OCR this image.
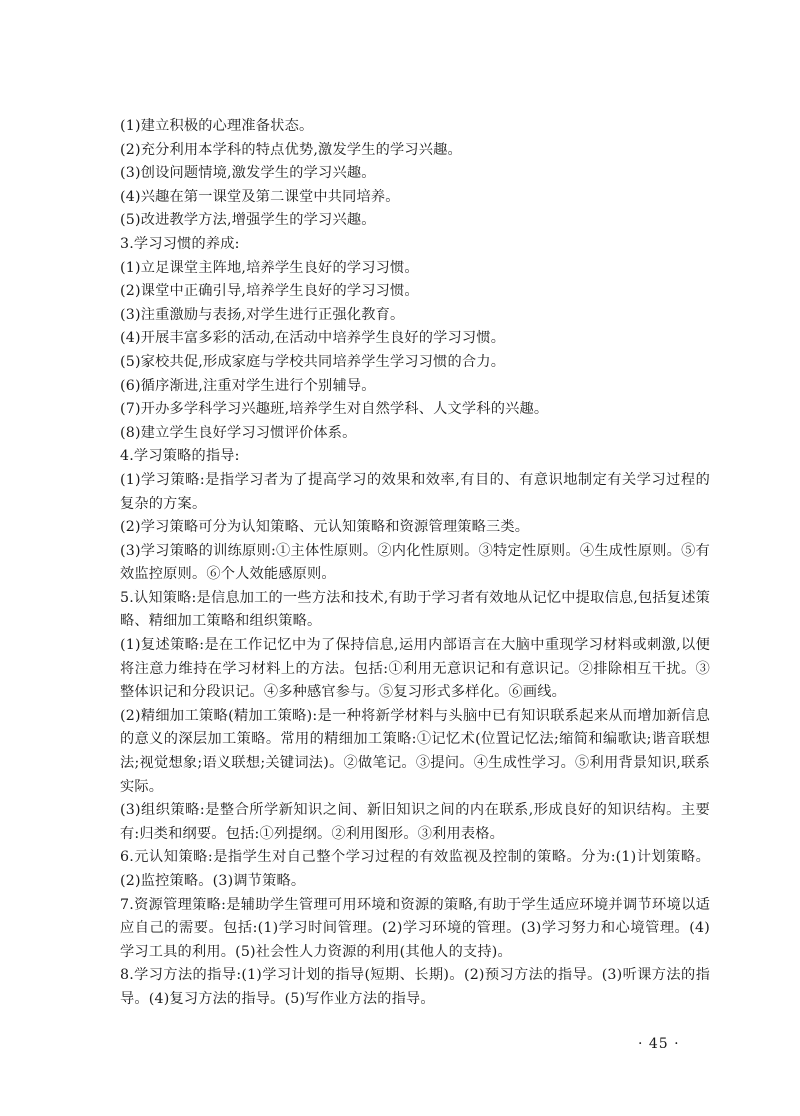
(1)建立积极的心理准备状态。

(2)充分利用本学科的特点优势,激发学生的学习兴趣。

(3)创设问题情境,激发学生的学习兴趣。

(4)兴趣在第一课堂及第二课堂中共同培养。

(5)改进教学方法,增强学生的学习兴趣。

3.学习习惯的养成:

(1)立足课堂主阵地,培养学生良好的学习习惯。

(2)课堂中正确引导,培养学生良好的学习习惯。

(3)注重激励与表扬,对学生进行正强化教育。

(4)开展丰富多彩的活动,在活动中培养学生良好的学习习惯。

(5)家校共促,形成家庭与学校共同培养学生学习习惯的合力。

(6)循序渐进,注重对学生进行个别辅导。

(7)开办多学科学习兴趣班,培养学生对自然学科、人文学科的兴趣。

(8)建立学生良好学习习惯评价体系。

4.学习策略的指导:

(1)学习策略:是指学习者为了提高学习的效果和效率,有目的、有意识地制定有关学习过程的复杂的方案。

(2)学习策略可分为认知策略、元认知策略和资源管理策略三类。

(3)学习策略的训练原则:①主体性原则。②内化性原则。③特定性原则。④生成性原则。⑤有效监控原则。⑥个人效能感原则。

5.认知策略:是信息加工的一些方法和技术,有助于学习者有效地从记忆中提取信息,包括复述策略、精细加工策略和组织策略。

(1)复述策略:是在工作记忆中为了保持信息,运用内部语言在大脑中重现学习材料或刺激,以便将注意力维持在学习材料上的方法。包括:①利用无意识记和有意识记。②排除相互干扰。③整体识记和分段识记。④多种感官参与。⑤复习形式多样化。⑥画线。

(2)精细加工策略(精加工策略):是一种将新学材料与头脑中已有知识联系起来从而增加新信息的意义的深层加工策略。常用的精细加工策略:①记忆术(位置记忆法;缩简和编歌诀;谐音联想法;视觉想象;语义联想;关键词法)。②做笔记。③提问。④生成性学习。⑤利用背景知识,联系实际。

(3)组织策略:是整合所学新知识之间、新旧知识之间的内在联系,形成良好的知识结构。主要有:归类和纲要。包括:①列提纲。②利用图形。③利用表格。

6.元认知策略:是指学生对自己整个学习过程的有效监视及控制的策略。分为:(1)计划策略。(2)监控策略。(3)调节策略。

7.资源管理策略:是辅助学生管理可用环境和资源的策略,有助于学生适应环境并调节环境以适应自己的需要。包括:(1)学习时间管理。(2)学习环境的管理。(3)学习努力和心境管理。(4)学习工具的利用。(5)社会性人力资源的利用(其他人的支持)。

8.学习方法的指导:(1)学习计划的指导(短期、长期)。(2)预习方法的指导。(3)听课方法的指导。(4)复习方法的指导。(5)写作业方法的指导。

· 45 ·
